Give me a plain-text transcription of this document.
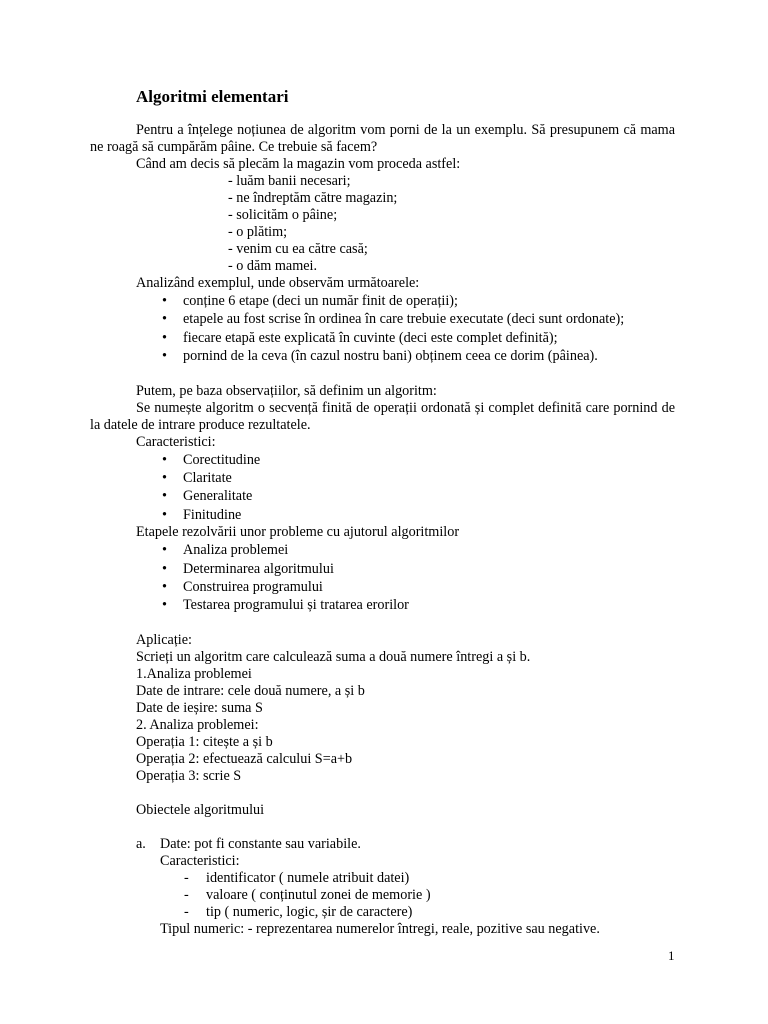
Algoritmi elementari

Pentru a înțelege noțiunea de algoritm vom porni de la un exemplu. Să presupunem că mama ne roagă să cumpărăm pâine. Ce trebuie să facem?

Când am decis să plecăm la magazin vom proceda astfel:

- luăm banii necesari;

- ne îndreptăm către magazin;

- solicităm o pâine;

- o plătim;

- venim cu ea către casă;

- o dăm mamei.

Analizând exemplul, unde observăm următoarele:

• conține 6 etape (deci un număr finit de operații);
• etapele au fost scrise în ordinea în care trebuie executate (deci sunt ordonate);
• fiecare etapă este explicată în cuvinte (deci este complet definită);
• pornind de la ceva (în cazul nostru bani) obținem ceea ce dorim (pâinea).

Putem, pe baza observațiilor, să definim un algoritm:

Se numește algoritm o secvență finită de operații ordonată și complet definită care pornind de la datele de intrare produce rezultatele.

Caracteristici:

• Corectitudine
• Claritate
• Generalitate
• Finitudine

Etapele rezolvării unor probleme cu ajutorul algoritmilor

• Analiza problemei
• Determinarea algoritmului
• Construirea programului
• Testarea programului și tratarea erorilor

Aplicație:

Scrieți un algoritm care calculează suma a două numere întregi a și b.

1.Analiza problemei

Date de intrare: cele două numere, a și b

Date de ieșire: suma S

2. Analiza problemei:

Operația 1: citește a și b

Operația 2: efectuează calcului S=a+b

Operația 3: scrie S

Obiectele algoritmului

a. Date: pot fi constante sau variabile.
Caracteristici:
- identificator ( numele atribuit datei)
- valoare ( conținutul zonei de memorie )
- tip ( numeric, logic, șir de caractere)
Tipul numeric: - reprezentarea numerelor întregi, reale, pozitive sau negative.
1
